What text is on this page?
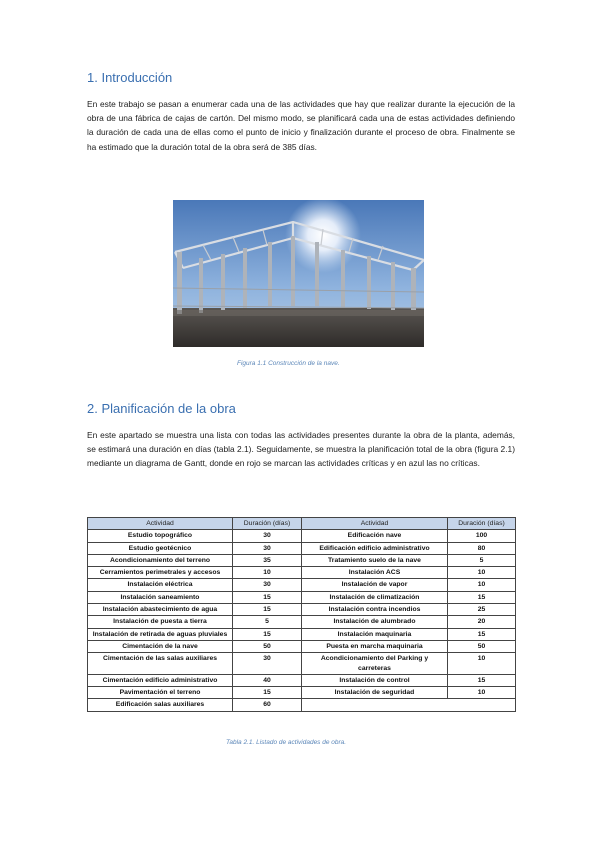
1. Introducción
En este trabajo se pasan a enumerar cada una de las actividades que hay que realizar durante la ejecución de la obra de una fábrica de cajas de cartón. Del mismo modo, se planificará cada una de estas actividades definiendo la duración de cada una de ellas como el punto de inicio y finalización durante el proceso de obra. Finalmente se ha estimado que la duración total de la obra será de 385 días.
Figura 1.1 Construcción de la nave.
2. Planificación de la obra
En este apartado se muestra una lista con todas las actividades presentes durante la obra de la planta, además, se estimará una duración en días (tabla 2.1). Seguidamente, se muestra la planificación total de la obra (figura 2.1) mediante un diagrama de Gantt, donde en rojo se marcan las actividades críticas y en azul las no críticas.
Actividad	Duración (días)	Actividad	Duración (días)
Estudio topográfico	30	Edificación nave	100
Estudio geotécnico	30	Edificación edificio administrativo	80
Acondicionamiento del terreno	35	Tratamiento suelo de la nave	5
Cerramientos perimetrales y accesos	10	Instalación ACS	10
Instalación eléctrica	30	Instalación de vapor	10
Instalación saneamiento	15	Instalación de climatización	15
Instalación abastecimiento de agua	15	Instalación contra incendios	25
Instalación de puesta a tierra	5	Instalación de alumbrado	20
Instalación de retirada de aguas pluviales	15	Instalación maquinaria	15
Cimentación de la nave	50	Puesta en marcha maquinaria	50
Cimentación de las salas auxiliares	30	Acondicionamiento del Parking y carreteras	10
Cimentación edificio administrativo	40	Instalación de control	15
Pavimentación el terreno	15	Instalación de seguridad	10
Edificación salas auxiliares	60		
Tabla 2.1. Listado de actividades de obra.
